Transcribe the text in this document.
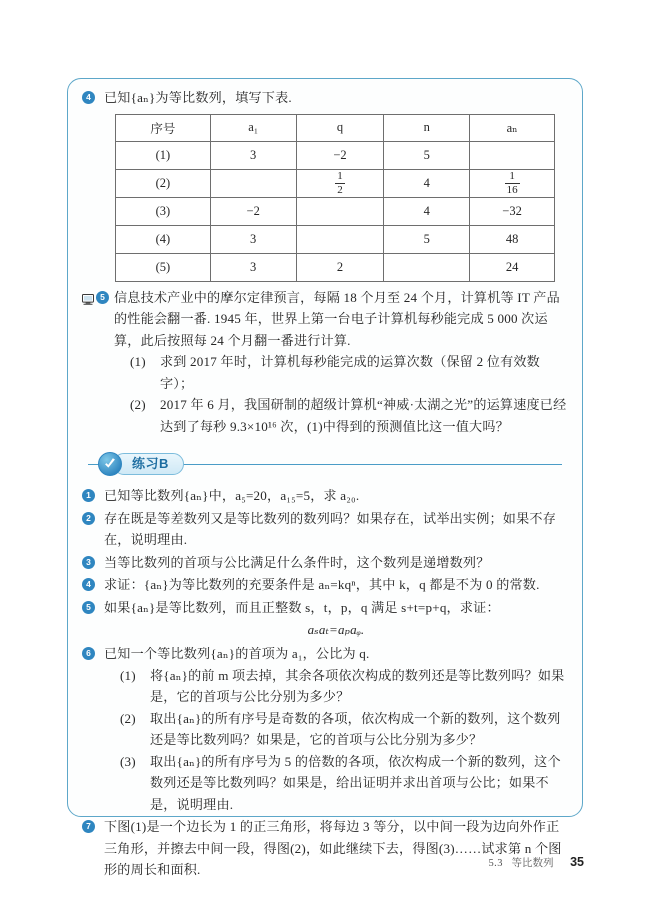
4	已知{aₙ}为等比数列，填写下表.
序号	a₁	q	n	aₙ
(1)	3	−2	5	
(2)		$\frac{1}{2}$	4	$\frac{1}{16}$

(3)	−2		4	−32
(4)	3		5	48
(5)	3	2		24
5 信息技术产业中的摩尔定律预言，每隔 18 个月至 24 个月，计算机等 IT 产品的性能会翻一番. 1945 年，世界上第一台电子计算机每秒能完成 5 000 次运算，此后按照每 24 个月翻一番进行计算.
(1)	求到 2017 年时，计算机每秒能完成的运算次数（保留 2 位有效数字）；
(2)	2017 年 6 月，我国研制的超级计算机“神威·太湖之光”的运算速度已经达到了每秒 9.3×10¹⁶ 次，(1)中得到的预测值比这一值大吗？
练习B
1	已知等比数列{aₙ}中，a₅=20，a₁₅=5，求 a₂₀.
2	存在既是等差数列又是等比数列的数列吗？如果存在，试举出实例；如果不存在，说明理由.
3	当等比数列的首项与公比满足什么条件时，这个数列是递增数列？
4	求证：{aₙ}为等比数列的充要条件是 aₙ=kqⁿ，其中 k，q 都是不为 0 的常数.
5	如果{aₙ}是等比数列，而且正整数 s，t，p，q 满足 s+t=p+q，求证：
aₛaₜ=aₚaᵩ.
6	已知一个等比数列{aₙ}的首项为 a₁，公比为 q.
(1)	将{aₙ}的前 m 项去掉，其余各项依次构成的数列还是等比数列吗？如果是，它的首项与公比分别为多少？
(2)	取出{aₙ}的所有序号是奇数的各项，依次构成一个新的数列，这个数列还是等比数列吗？如果是，它的首项与公比分别为多少？
(3)	取出{aₙ}的所有序号为 5 的倍数的各项，依次构成一个新的数列，这个数列还是等比数列吗？如果是，给出证明并求出首项与公比；如果不是，说明理由.
7	下图(1)是一个边长为 1 的正三角形，将每边 3 等分，以中间一段为边向外作正三角形，并擦去中间一段，得图(2)，如此继续下去，得图(3)……试求第 n 个图形的周长和面积.	5.3 等比数列 35
